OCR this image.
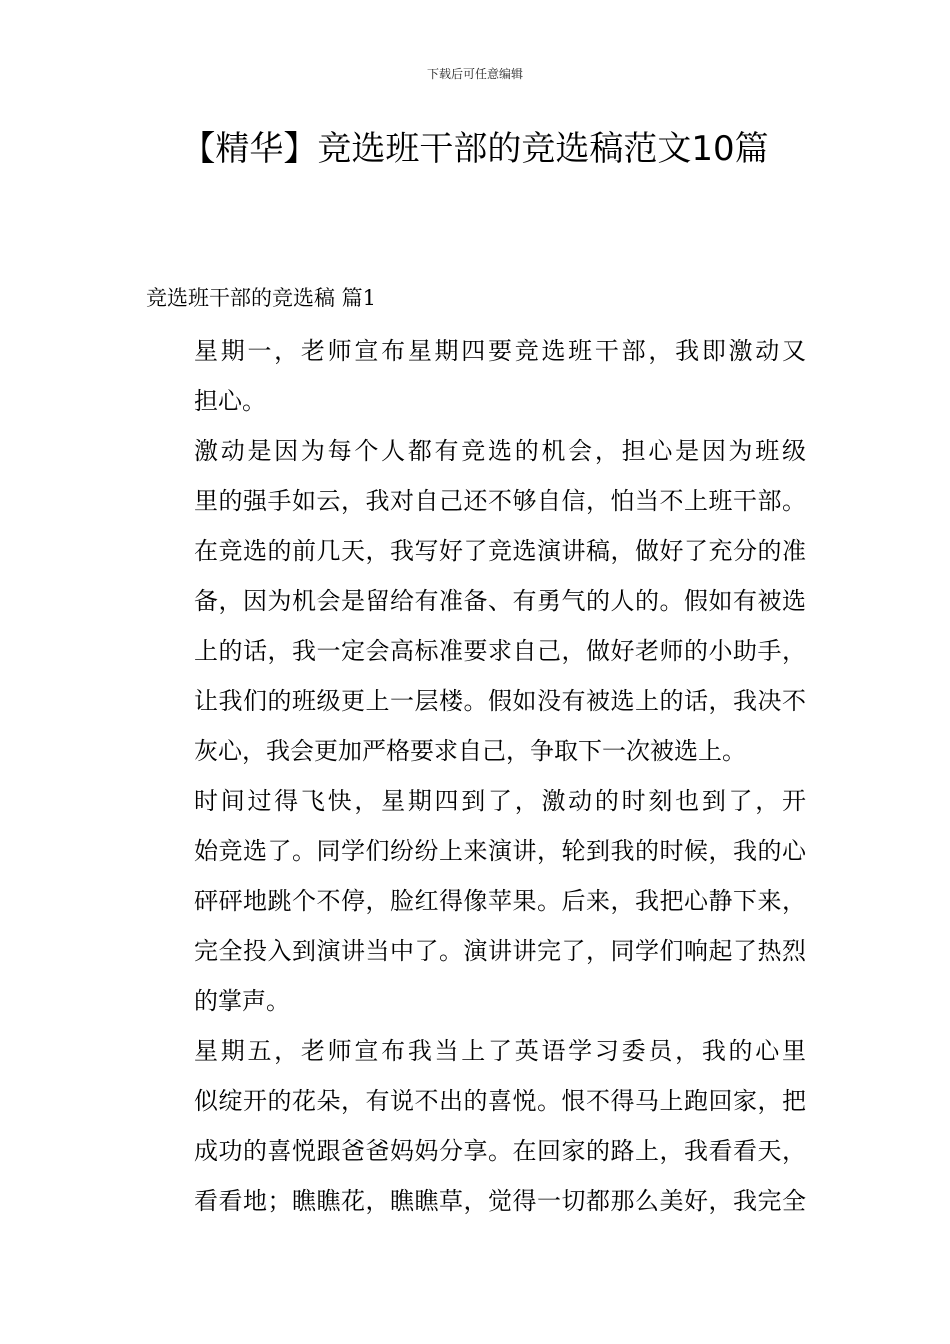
下载后可任意编辑
【精华】竞选班干部的竞选稿范文10篇
竞选班干部的竞选稿 篇1

星期一，老师宣布星期四要竞选班干部，我即激动又
担心。

激动是因为每个人都有竞选的机会，担心是因为班级
里的强手如云，我对自己还不够自信，怕当不上班干部。
在竞选的前几天，我写好了竞选演讲稿，做好了充分的准
备，因为机会是留给有准备、有勇气的人的。假如有被选
上的话，我一定会高标准要求自己，做好老师的小助手，
让我们的班级更上一层楼。假如没有被选上的话，我决不
灰心，我会更加严格要求自己，争取下一次被选上。

时间过得飞快，星期四到了，激动的时刻也到了，开
始竞选了。同学们纷纷上来演讲，轮到我的时候，我的心
砰砰地跳个不停，脸红得像苹果。后来，我把心静下来，
完全投入到演讲当中了。演讲讲完了，同学们响起了热烈
的掌声。

星期五，老师宣布我当上了英语学习委员，我的心里
似绽开的花朵，有说不出的喜悦。恨不得马上跑回家，把
成功的喜悦跟爸爸妈妈分享。在回家的路上，我看看天，
看看地；瞧瞧花，瞧瞧草，觉得一切都那么美好，我完全
